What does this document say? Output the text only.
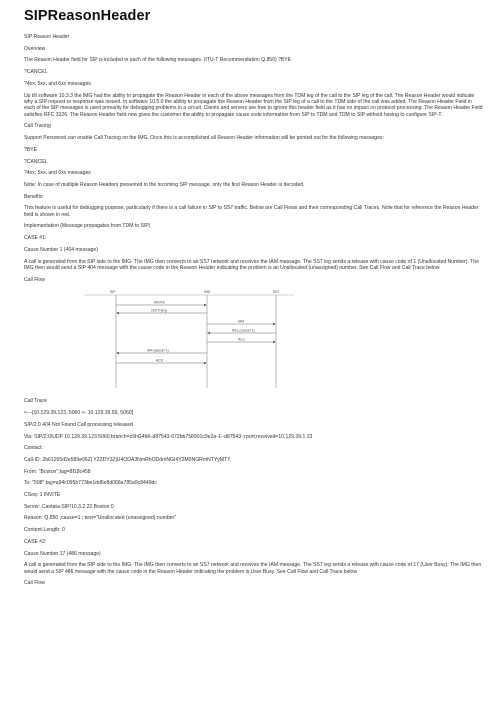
SIPReasonHeader

SIP Reason Header

Overview

The Reason Header field for SIP is included in each of the following messages. (ITU-T Recommendation Q.850) ?BYE

?CANCEL

?4xx, 5xx, and 6xx messages

Up till software 10.3.3 the IMG had the ability to propagate the Reason Header in each of the above messages from the TDM leg of the call to the SIP leg of the call. The Reason Header would indicate why a SIP request or response was issued. In software 10.5.0 the ability to propagate the Reason Header from the SIP leg of a call to the TDM side of the call was added. The Reason Header Field in each of the SIP messages is used primarily for debugging problems in a circuit. Clients and servers are free to ignore this header field as it has no impact on protocol processing. The Reason Header Field satisfies RFC 3326. The Reason Header field now gives the customer the ability to propagate cause code information from SIP to TDM and TDM to SIP without having to configure SIP-T.

Call Tracing

Support Personnel can enable Call Tracing on the IMG. Once this is accomplished all Reason Header information will be printed out for the following messages:

?BYE

?CANCEL

?4xx, 5xx, and 6xx messages

Note: In case of multiple Reason Headers presented in the incoming SIP message, only the first Reason Header is decoded.

Benefits:

This feature is useful for debugging purpose, particularly if there is a call failure in SIP to SS7 traffic. Below are Call Flows and their corresponding Call Traces. Note that for reference the Reason Header field is shown in red.

Implementation (Message propagates from TDM to SIP)

CASE #1:

Cause Number 1 (404 message)

A call is generated from the SIP side to the IMG. The IMG then converts to an SS7 network and receives the IAM message. The SS7 leg sends a release with cause code of 1 (Unallocated Number). The IMG then would send a SIP 404 message with the cause code in the Reason Header indicating the problem is an Unallocated (unassigned) number. See Call Flow and Call Trace below

Call Flow

SIP	IMG	SS7
INVITE
100 Trying
IAM
REL (cause=1)
RLC
404 (cause=1)
ACK

Call Trace

<---[10.129.39.123, 5060 <- 10.129.39.59, 5060]

SIP/2.0 404 Not Found Call processing released

Via: SIP/2.0/UDP 10.129.39.123:5060;branch=z9hG4bK-d87543-672bb758901c9e2a-1--d87543-;rport;received=10.129.39.1 23

Contact:

Call-ID: 2b61265d2e589e06Zj Y2ZDY3ZjU4ODA3NmRhODdmNGI4Y2M0NGRmNTYyMTY.

From: "Boston";tag=8f18c458

To: "508";tag=a94c095b773be1dd6e8d068a785a9c8449dc

CSeq: 1 INVITE

Server: Cantata-SIP/10.3.2.22 Boston 0

Reason: Q.850 ;cause=1 ; text="Unallocated (unassigned) number"

Content-Length: 0

CASE #2:

Cause Number 17 (486 message)

A call is generated from the SIP side to the IMG. The IMG then converts to an SS7 network and receives the IAM message. The SS7 leg sends a release with cause code of 17 (User Busy). The IMG then would send a SIP 486 message with the cause code in the Reason Header indicating the problem is User Busy. See Call Flow and Call Trace below

Call Flow
